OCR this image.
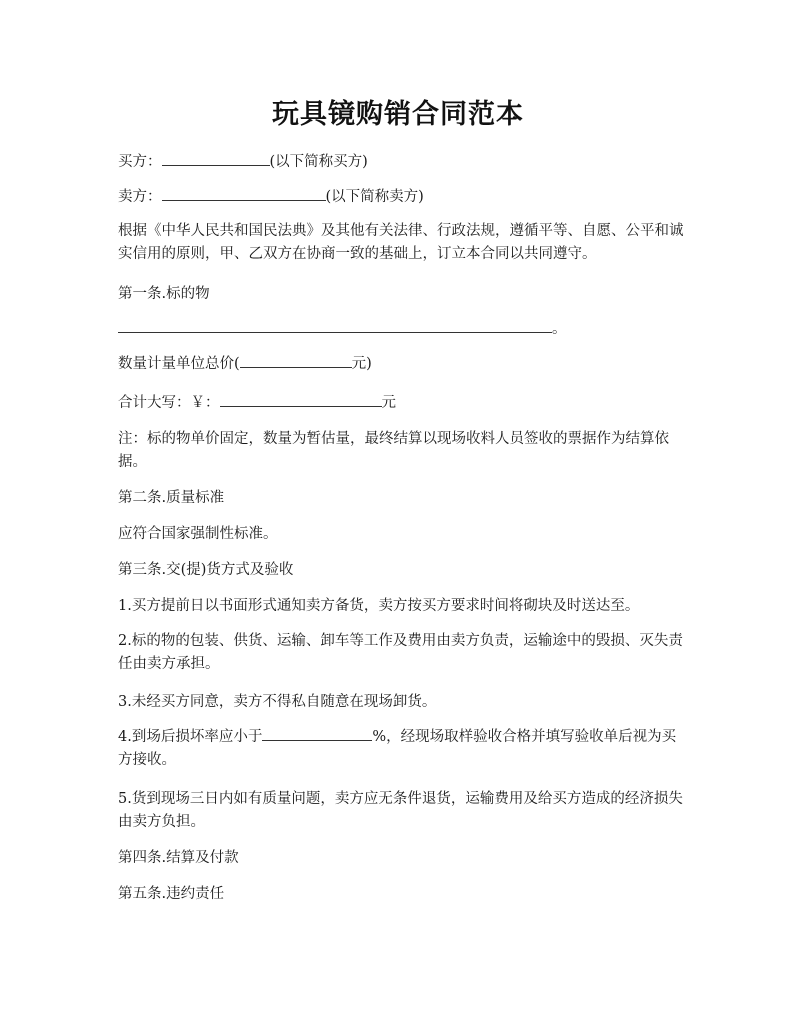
玩具镜购销合同范本
买方：	(以下简称买方)
卖方：	(以下简称卖方)
根据《中华人民共和国民法典》及其他有关法律、行政法规，遵循平等、自愿、公平和诚实信用的原则，甲、乙双方在协商一致的基础上，订立本合同以共同遵守。
第一条.标的物
。
数量计量单位总价(	元)
合计大写：￥：	元
注：标的物单价固定，数量为暂估量，最终结算以现场收料人员签收的票据作为结算依据。
第二条.质量标准
应符合国家强制性标准。
第三条.交(提)货方式及验收
1.买方提前日以书面形式通知卖方备货，卖方按买方要求时间将砌块及时送达至。
2.标的物的包装、供货、运输、卸车等工作及费用由卖方负责，运输途中的毁损、灭失责任由卖方承担。
3.未经买方同意，卖方不得私自随意在现场卸货。
4.到场后损坏率应小于	%，经现场取样验收合格并填写验收单后视为买方接收。
5.货到现场三日内如有质量问题，卖方应无条件退货，运输费用及给买方造成的经济损失由卖方负担。
第四条.结算及付款
第五条.违约责任
